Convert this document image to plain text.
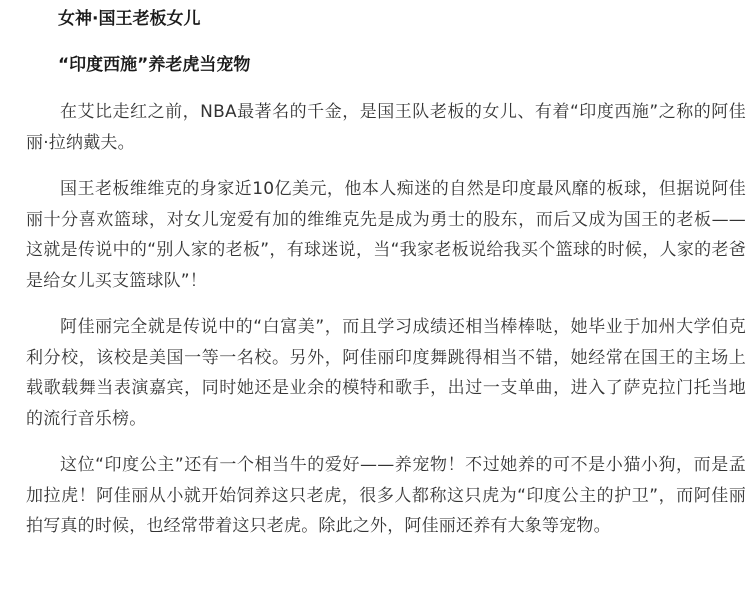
女神·国王老板女儿
“印度西施”养老虎当宠物

在艾比走红之前，NBA最著名的千金，是国王队老板的女儿、有着“印度西施”之称的阿佳丽·拉纳戴夫。

国王老板维维克的身家近10亿美元，他本人痴迷的自然是印度最风靡的板球，但据说阿佳丽十分喜欢篮球，对女儿宠爱有加的维维克先是成为勇士的股东，而后又成为国王的老板——这就是传说中的“别人家的老板”，有球迷说，当“我家老板说给我买个篮球的时候，人家的老爸是给女儿买支篮球队”！

阿佳丽完全就是传说中的“白富美”，而且学习成绩还相当棒棒哒，她毕业于加州大学伯克利分校，该校是美国一等一名校。另外，阿佳丽印度舞跳得相当不错，她经常在国王的主场上载歌载舞当表演嘉宾，同时她还是业余的模特和歌手，出过一支单曲，进入了萨克拉门托当地的流行音乐榜。

这位“印度公主”还有一个相当牛的爱好——养宠物！不过她养的可不是小猫小狗，而是孟加拉虎！阿佳丽从小就开始饲养这只老虎，很多人都称这只虎为“印度公主的护卫”，而阿佳丽拍写真的时候，也经常带着这只老虎。除此之外，阿佳丽还养有大象等宠物。
